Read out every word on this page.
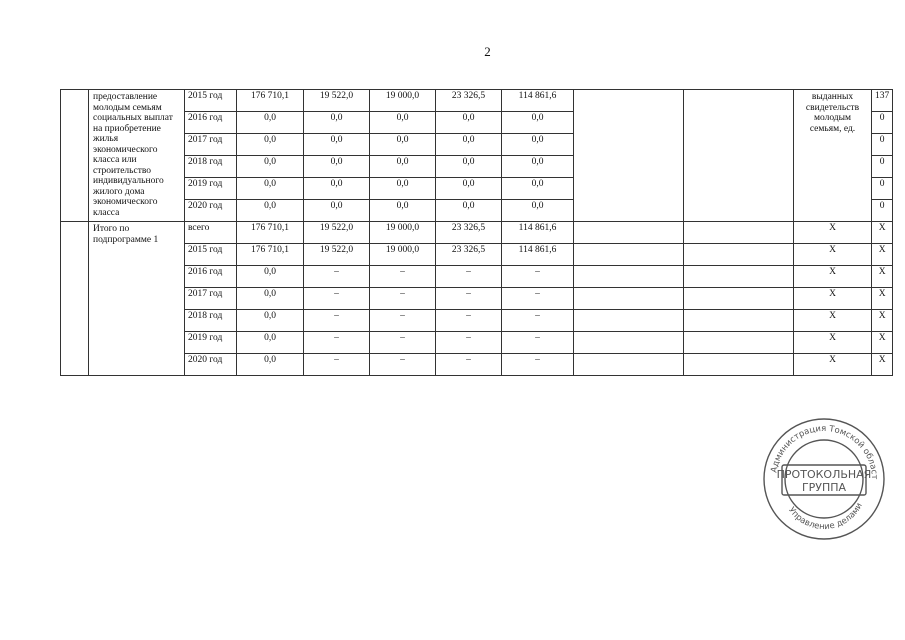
2
	предоставление молодым семьям социальных выплат на приобретение жилья экономического класса или строительство индивидуального жилого дома экономического класса	2015 год	176 710,1	19 522,0	19 000,0	23 326,5	114 861,6			выданных свидетельств молодым семьям, ед.	137
		2016 год	0,0	0,0	0,0	0,0	0,0				0
		2017 год	0,0	0,0	0,0	0,0	0,0				0
		2018 год	0,0	0,0	0,0	0,0	0,0				0
		2019 год	0,0	0,0	0,0	0,0	0,0				0
		2020 год	0,0	0,0	0,0	0,0	0,0				0
	Итого по подпрограмме 1	всего	176 710,1	19 522,0	19 000,0	23 326,5	114 861,6			Х	Х
		2015 год	176 710,1	19 522,0	19 000,0	23 326,5	114 861,6			Х	Х
		2016 год	0,0	–	–	–	–			Х	Х
		2017 год	0,0	–	–	–	–			Х	Х
		2018 год	0,0	–	–	–	–			Х	Х
		2019 год	0,0	–	–	–	–			Х	Х
		2020 год	0,0	–	–	–	–			Х	Х
Администрация Томской област
Управление делами
ПРОТОКОЛЬНАЯ
ГРУППА
